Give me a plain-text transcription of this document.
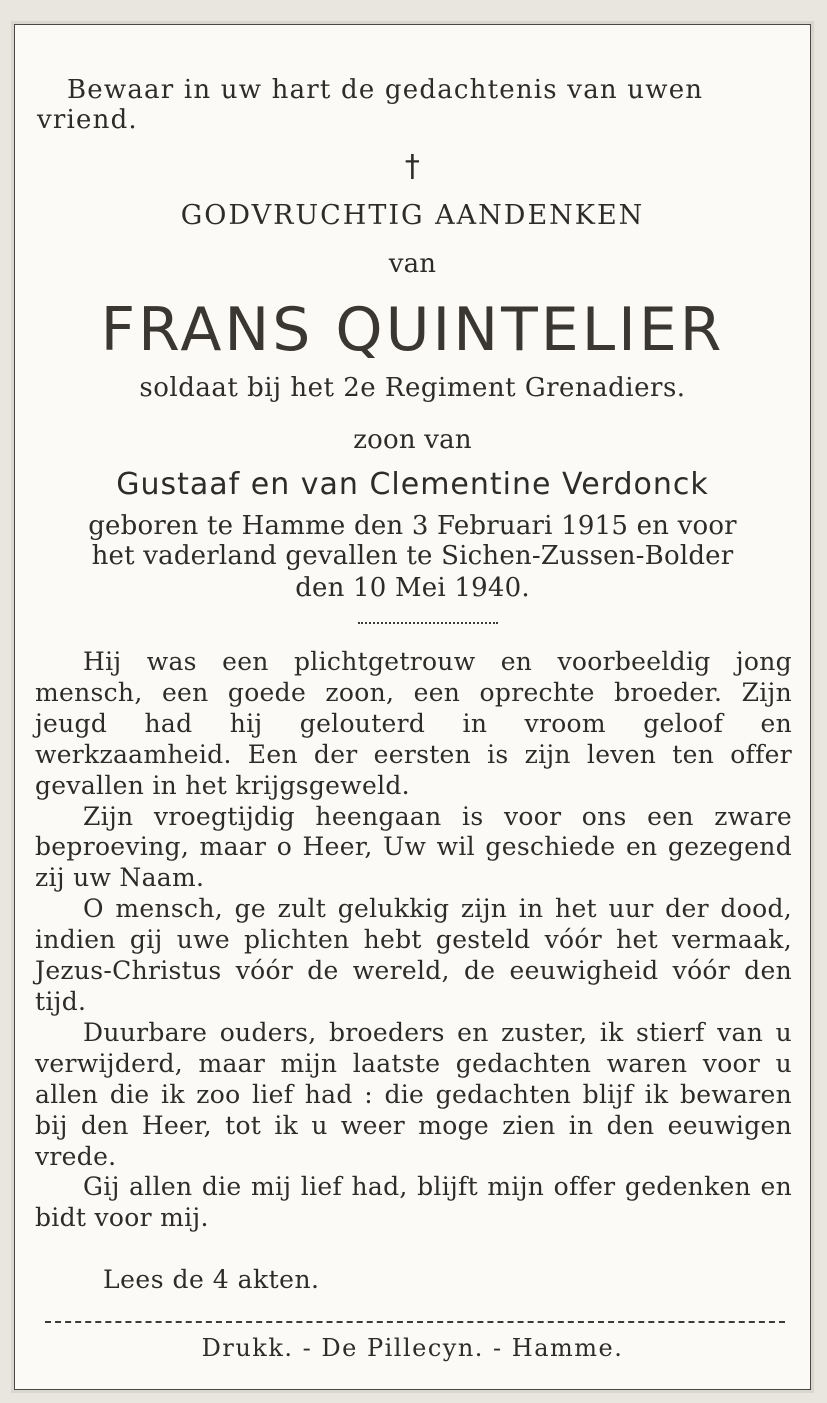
Bewaar in uw hart de gedachtenis van uwen
vriend.
†
GODVRUCHTIG AANDENKEN
van
FRANS QUINTELIER
soldaat bij het 2e Regiment Grenadiers.
zoon van
Gustaaf en van Clementine Verdonck
geboren te Hamme den 3 Februari 1915 en voor
het vaderland gevallen te Sichen-Zussen-Bolder
den 10 Mei 1940.

Hij was een plichtgetrouw en voorbeeldig jong mensch, een goede zoon, een oprechte broeder. Zijn jeugd had hij gelouterd in vroom geloof en werkzaamheid. Een der eersten is zijn leven ten offer gevallen in het krijgsgeweld.

Zijn vroegtijdig heengaan is voor ons een zware beproeving, maar o Heer, Uw wil geschiede en gezegend zij uw Naam.

O mensch, ge zult gelukkig zijn in het uur der dood, indien gij uwe plichten hebt gesteld vóór het vermaak, Jezus-Christus vóór de wereld, de eeuwigheid vóór den tijd.

Duurbare ouders, broeders en zuster, ik stierf van u verwijderd, maar mijn laatste gedachten waren voor u allen die ik zoo lief had : die gedachten blijf ik bewaren bij den Heer, tot ik u weer moge zien in den eeuwigen vrede.

Gij allen die mij lief had, blijft mijn offer gedenken en bidt voor mij.

Lees de 4 akten.
Drukk. - De Pillecyn. - Hamme.
